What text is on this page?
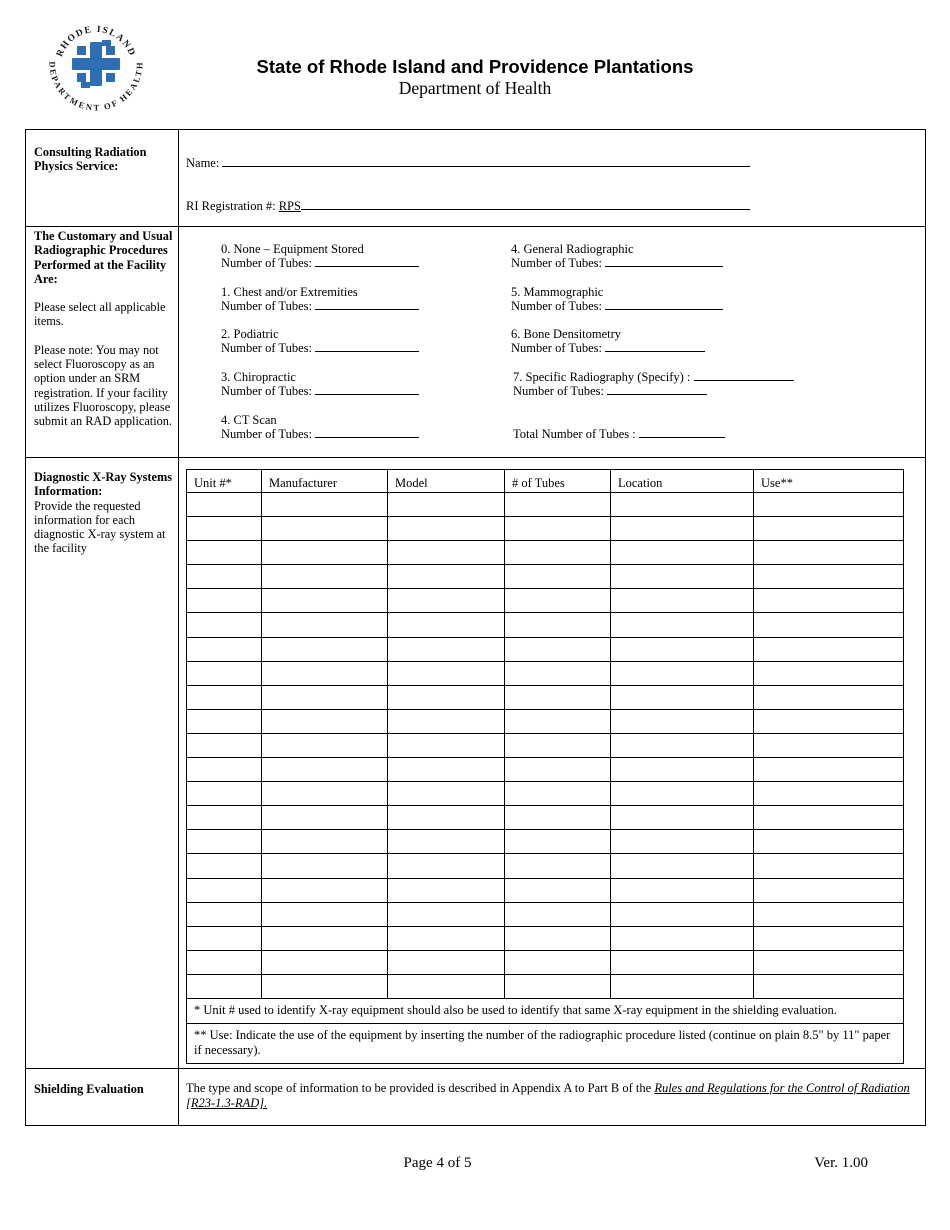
RHODE ISLAND
DEPARTMENT OF HEALTH	State of Rhode Island and Providence Plantations
Department of Health
Consulting Radiation Physics Service:	Name:
RI Registration #: RPS

The Customary and Usual Radiographic Procedures Performed at the Facility Are:

Please select all applicable items.

Please note: You may not select Fluoroscopy as an option under an SRM registration. If your facility utilizes Fluoroscopy, please submit an RAD application.

0. None – Equipment Stored
Number of Tubes:
1. Chest and/or Extremities
Number of Tubes:
2. Podiatric
Number of Tubes:
3. Chiropractic
Number of Tubes:
4. CT Scan
Number of Tubes:
4. General Radiographic
Number of Tubes:
5. Mammographic
Number of Tubes:
6. Bone Densitometry
Number of Tubes:
7. Specific Radiography (Specify) :
Number of Tubes:
Total Number of Tubes :
Diagnostic X-Ray Systems Information:
Provide the requested information for each diagnostic X-ray system at the facility
Unit #*	Manufacturer	Model	# of Tubes	Location	Use**

* Unit # used to identify X-ray equipment should also be used to identify that same X-ray equipment in the shielding evaluation.					
** Use: Indicate the use of the equipment by inserting the number of the radiographic procedure listed (continue on plain 8.5" by 11" paper if necessary).					
Shielding Evaluation	The type and scope of information to be provided is described in Appendix A to Part B of the Rules and Regulations for the Control of Radiation [R23-1.3-RAD].
Page 4 of 5	Ver. 1.00
